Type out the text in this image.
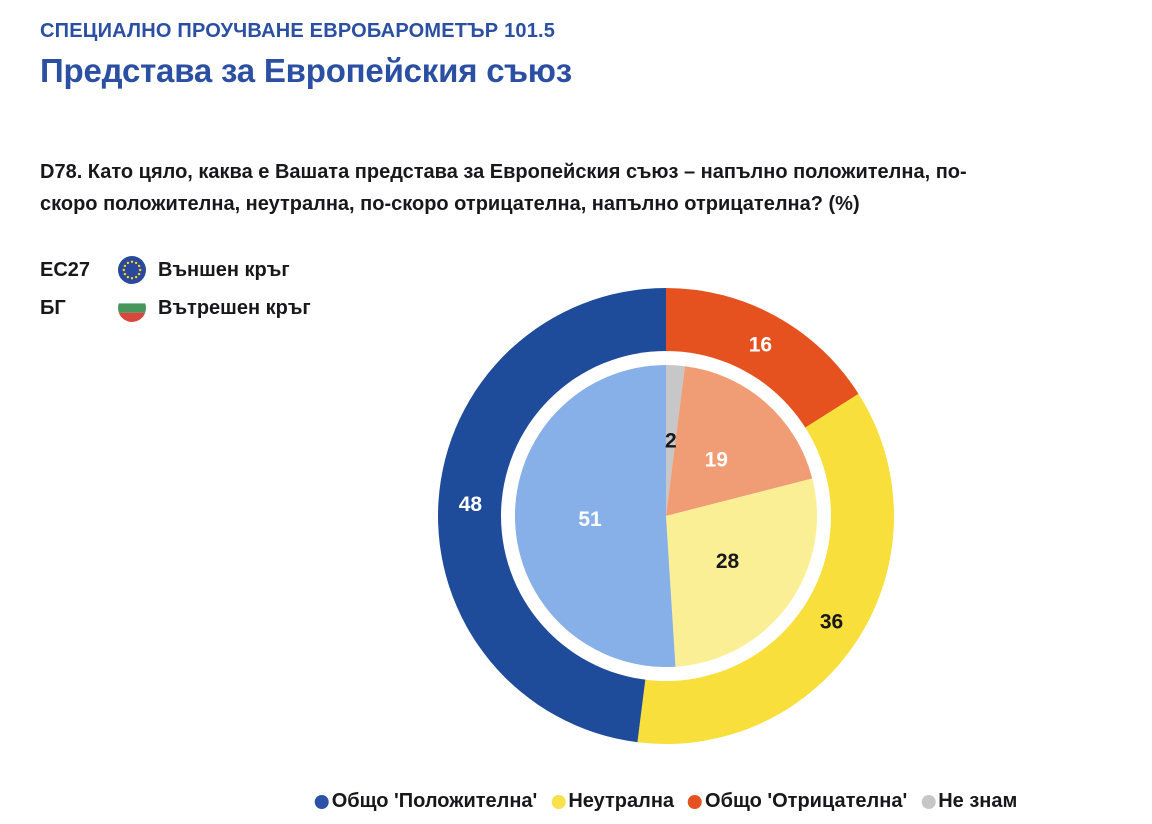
СПЕЦИАЛНО ПРОУЧВАНЕ ЕВРОБАРОМЕТЪР 101.5
Представа за Европейския съюз
D78. Като цяло, каква е Вашата представа за Европейския съюз – напълно положителна, по-
скоро положителна, неутрална, по-скоро отрицателна, напълно отрицателна? (%)
ЕС27	Външен кръг
БГ	Вътрешен кръг
16
36
48
2
19
28
51
Общо 'Положителна' Неутрална Общо 'Отрицателна' Не знам
